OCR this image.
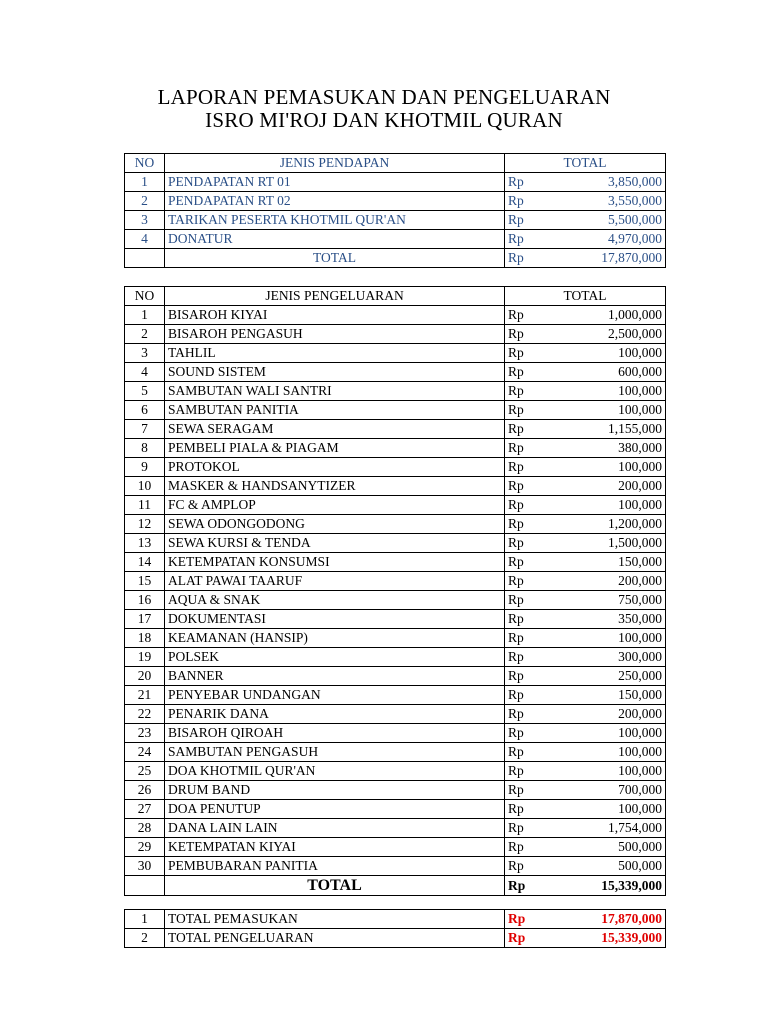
LAPORAN PEMASUKAN DAN PENGELUARAN
ISRO MI'ROJ DAN KHOTMIL QURAN
NO	JENIS PENDAPAN	TOTAL	
1	PENDAPATAN RT 01	Rp	3,850,000
2	PENDAPATAN RT 02	Rp	3,550,000
3	TARIKAN PESERTA KHOTMIL QUR'AN	Rp	5,500,000
4	DONATUR	Rp	4,970,000
	TOTAL	Rp	17,870,000
NO	JENIS PENGELUARAN	TOTAL	
1	BISAROH KIYAI	Rp	1,000,000
2	BISAROH PENGASUH	Rp	2,500,000
3	TAHLIL	Rp	100,000
4	SOUND SISTEM	Rp	600,000
5	SAMBUTAN WALI SANTRI	Rp	100,000
6	SAMBUTAN PANITIA	Rp	100,000
7	SEWA SERAGAM	Rp	1,155,000
8	PEMBELI PIALA & PIAGAM	Rp	380,000
9	PROTOKOL	Rp	100,000
10	MASKER & HANDSANYTIZER	Rp	200,000
11	FC & AMPLOP	Rp	100,000
12	SEWA ODONGODONG	Rp	1,200,000
13	SEWA KURSI & TENDA	Rp	1,500,000
14	KETEMPATAN KONSUMSI	Rp	150,000
15	ALAT PAWAI TAARUF	Rp	200,000
16	AQUA & SNAK	Rp	750,000
17	DOKUMENTASI	Rp	350,000
18	KEAMANAN (HANSIP)	Rp	100,000
19	POLSEK	Rp	300,000
20	BANNER	Rp	250,000
21	PENYEBAR UNDANGAN	Rp	150,000
22	PENARIK DANA	Rp	200,000
23	BISAROH QIROAH	Rp	100,000
24	SAMBUTAN PENGASUH	Rp	100,000
25	DOA KHOTMIL QUR'AN	Rp	100,000
26	DRUM BAND	Rp	700,000
27	DOA PENUTUP	Rp	100,000
28	DANA LAIN LAIN	Rp	1,754,000
29	KETEMPATAN KIYAI	Rp	500,000
30	PEMBUBARAN PANITIA	Rp	500,000
	TOTAL	Rp	15,339,000
1	TOTAL PEMASUKAN	Rp	17,870,000
2	TOTAL PENGELUARAN	Rp	15,339,000
